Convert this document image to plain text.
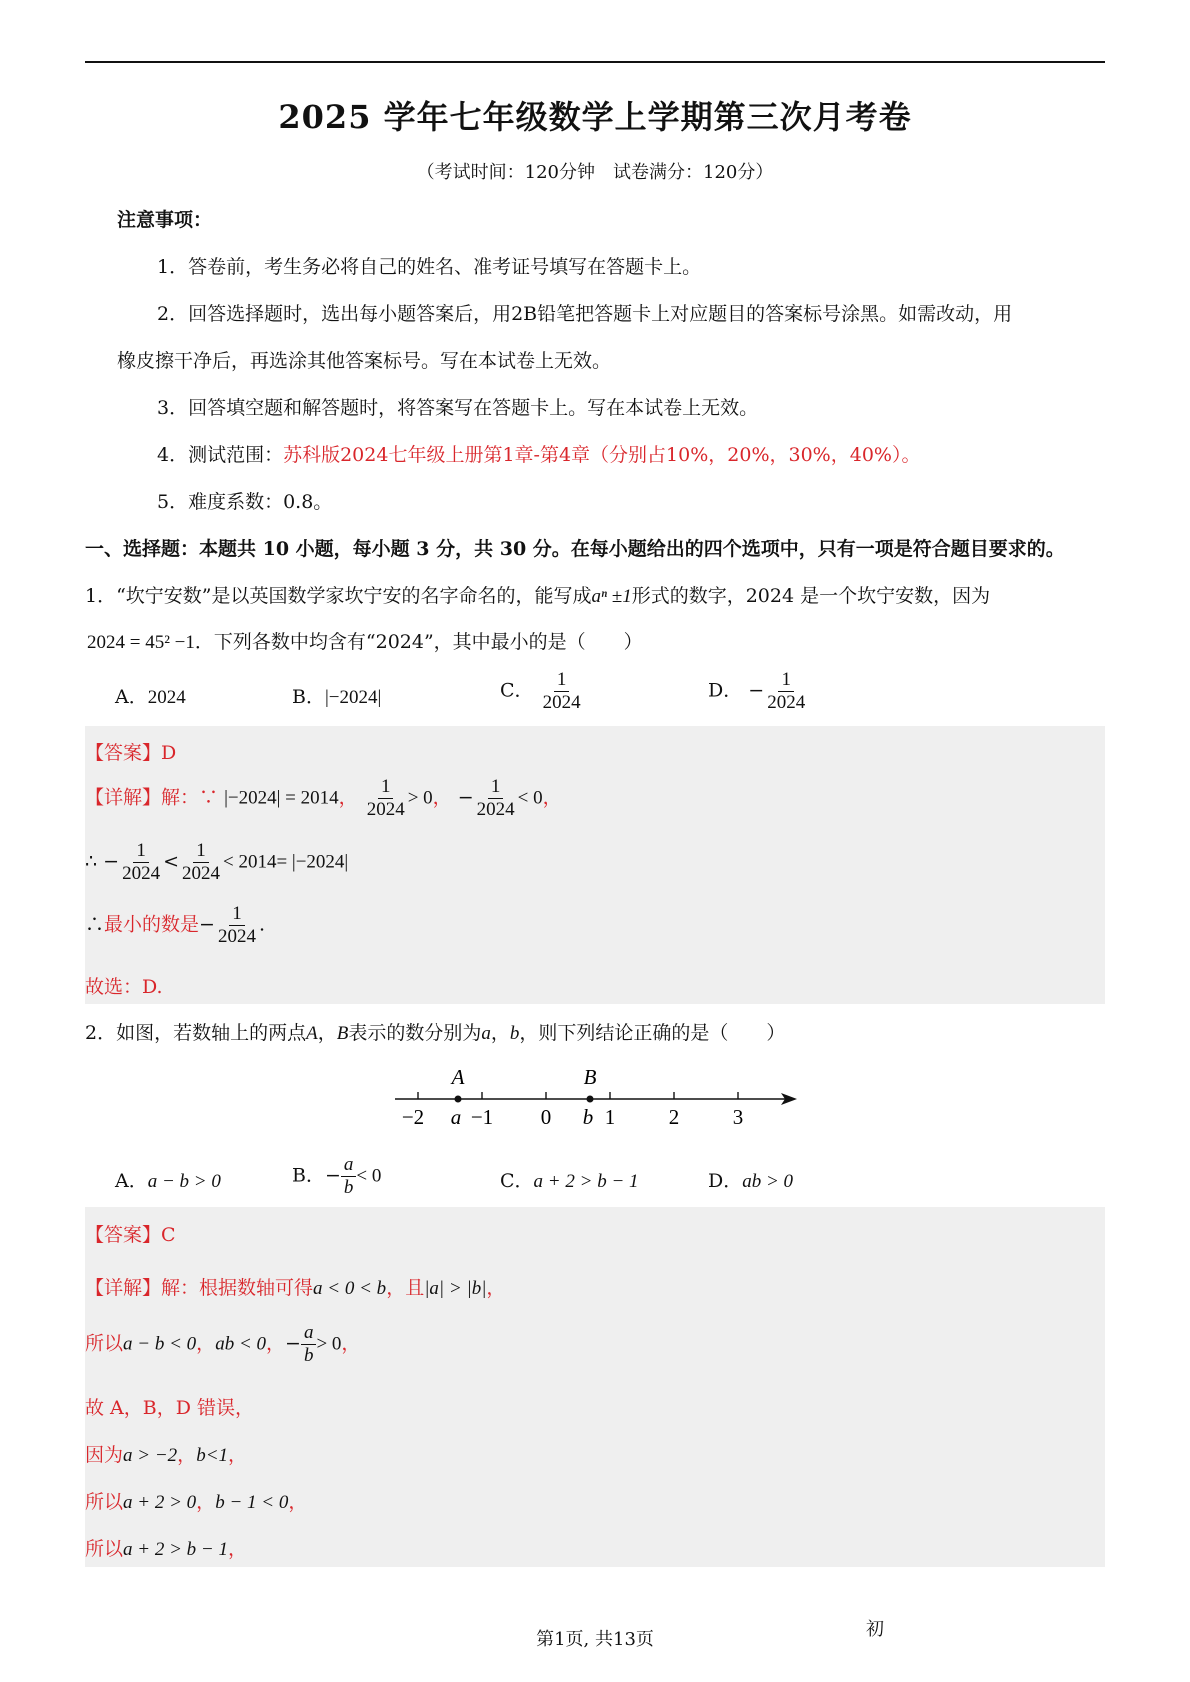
2025 学年七年级数学上学期第三次月考卷
（考试时间：120分钟　试卷满分：120分）
注意事项：
1．答卷前，考生务必将自己的姓名、准考证号填写在答题卡上。
2．回答选择题时，选出每小题答案后，用2B铅笔把答题卡上对应题目的答案标号涂黑。如需改动，用
橡皮擦干净后，再选涂其他答案标号。写在本试卷上无效。
3．回答填空题和解答题时，将答案写在答题卡上。写在本试卷上无效。
4．测试范围：苏科版2024七年级上册第1章-第4章（分别占10%，20%，30%，40%）。
5．难度系数：0.8。
一、选择题：本题共 10 小题，每小题 3 分，共 30 分。在每小题给出的四个选项中，只有一项是符合题目要求的。
1．“坎宁安数”是以英国数学家坎宁安的名字命名的，能写成aⁿ ±1形式的数字，2024 是一个坎宁安数，因为
2024 = 45² −1．下列各数中均含有“2024”，其中最小的是（　　）
A．2024	B．|−2024|	C． $\frac{1}{2024}$	D． − $\frac{1}{2024}$
【答案】D
【详解】解：∵ |−2024| = 2014， $\frac{1}{2024} > 0$， − $\frac{1}{2024} < 0$，
∴ − $\frac{1}{2024} < \frac{1}{2024} < 2014= |-2024|$
∴最小的数是− $\frac{1}{2024}$ .
故选：D.
2．如图，若数轴上的两点A，B表示的数分别为a，b，则下列结论正确的是（　　）
A	B
−2 a −1 0 b 1	2	3
A．a − b > 0	B．− $\frac{a}{b} < 0$	C．a + 2 > b − 1	D．ab > 0
【答案】C
【详解】解：根据数轴可得a < 0 < b，且|a| > |b|，
所以a − b < 0，ab < 0，− $\frac{a}{b} > 0$，
故 A，B，D 错误，
因为a > −2，b<1，
所以a + 2 > 0，b − 1 < 0，
所以a + 2 > b − 1，
第1页, 共13页	初
